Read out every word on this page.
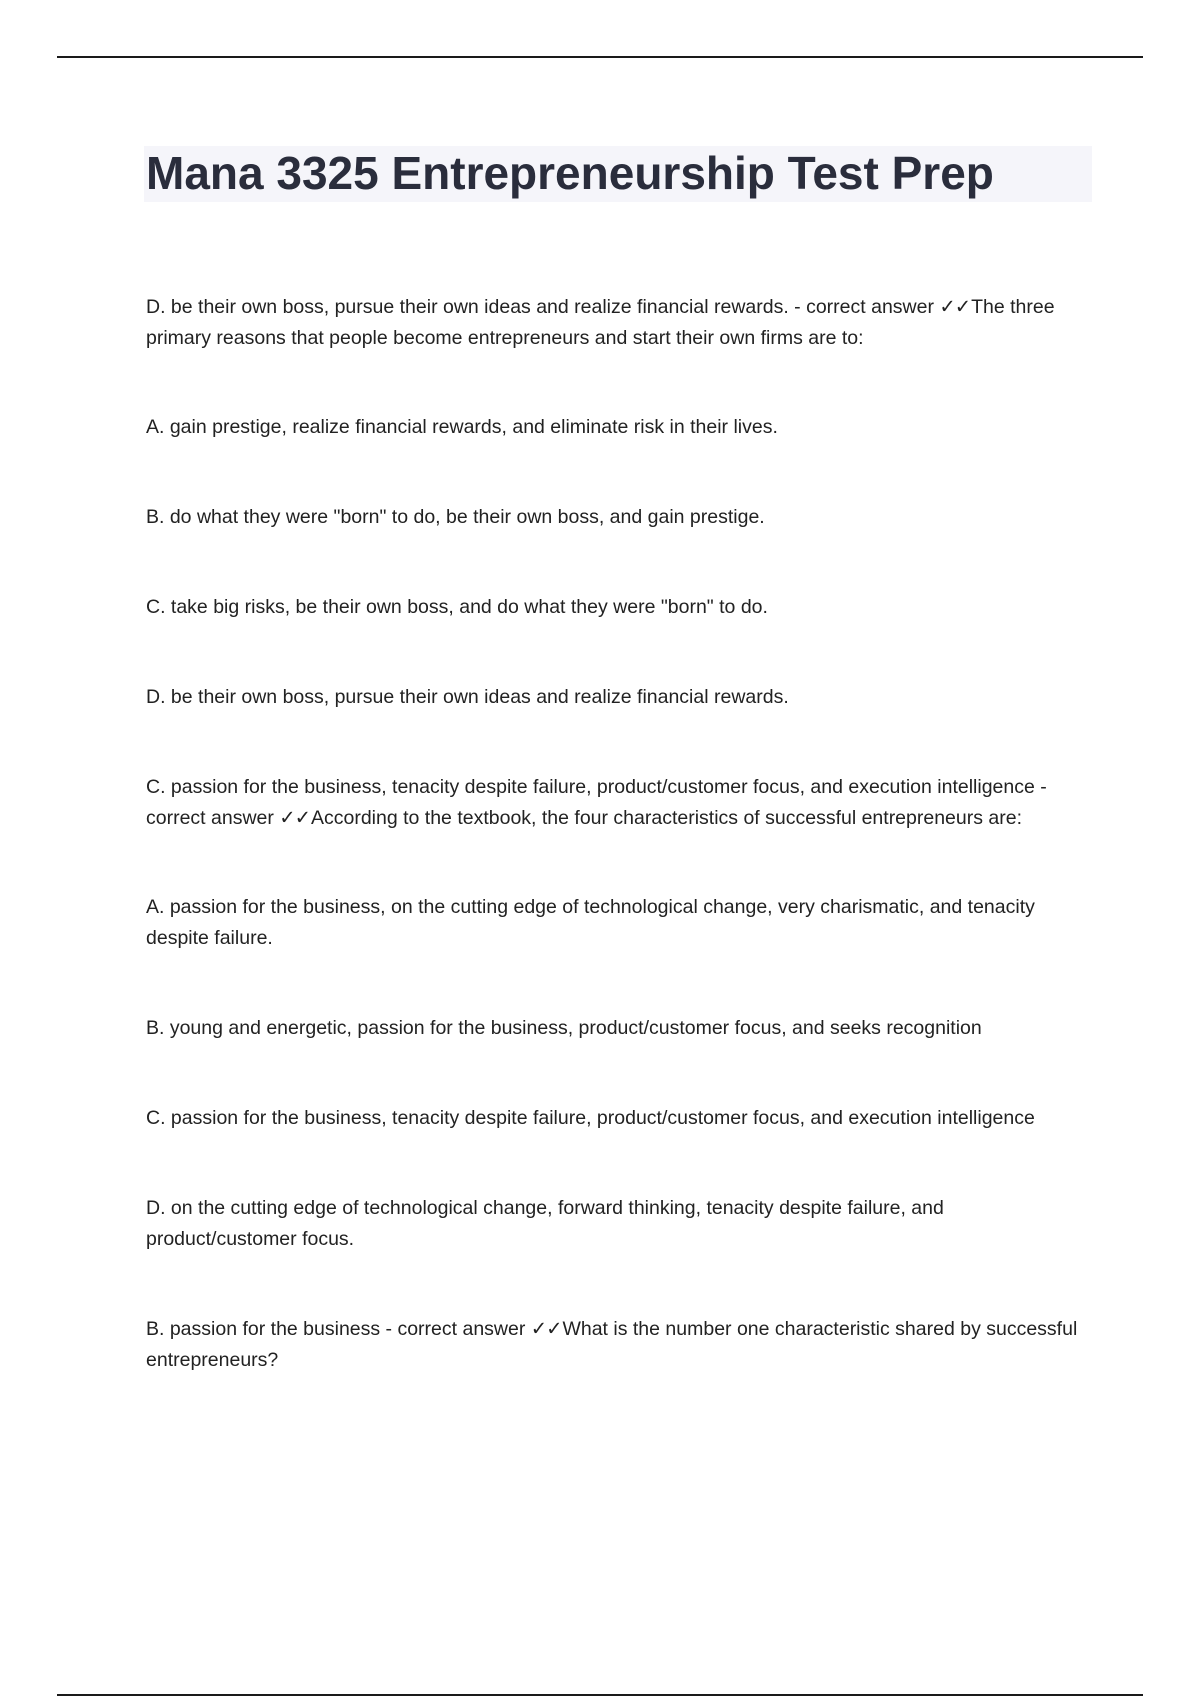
Mana 3325 Entrepreneurship Test Prep

D. be their own boss, pursue their own ideas and realize financial rewards. - correct answer ✓✓The three primary reasons that people become entrepreneurs and start their own firms are to:

A. gain prestige, realize financial rewards, and eliminate risk in their lives.

B. do what they were "born" to do, be their own boss, and gain prestige.

C. take big risks, be their own boss, and do what they were "born" to do.

D. be their own boss, pursue their own ideas and realize financial rewards.

C. passion for the business, tenacity despite failure, product/customer focus, and execution intelligence - correct answer ✓✓According to the textbook, the four characteristics of successful entrepreneurs are:

A. passion for the business, on the cutting edge of technological change, very charismatic, and tenacity despite failure.

B. young and energetic, passion for the business, product/customer focus, and seeks recognition

C. passion for the business, tenacity despite failure, product/customer focus, and execution intelligence

D. on the cutting edge of technological change, forward thinking, tenacity despite failure, and product/customer focus.

B. passion for the business - correct answer ✓✓What is the number one characteristic shared by successful entrepreneurs?
